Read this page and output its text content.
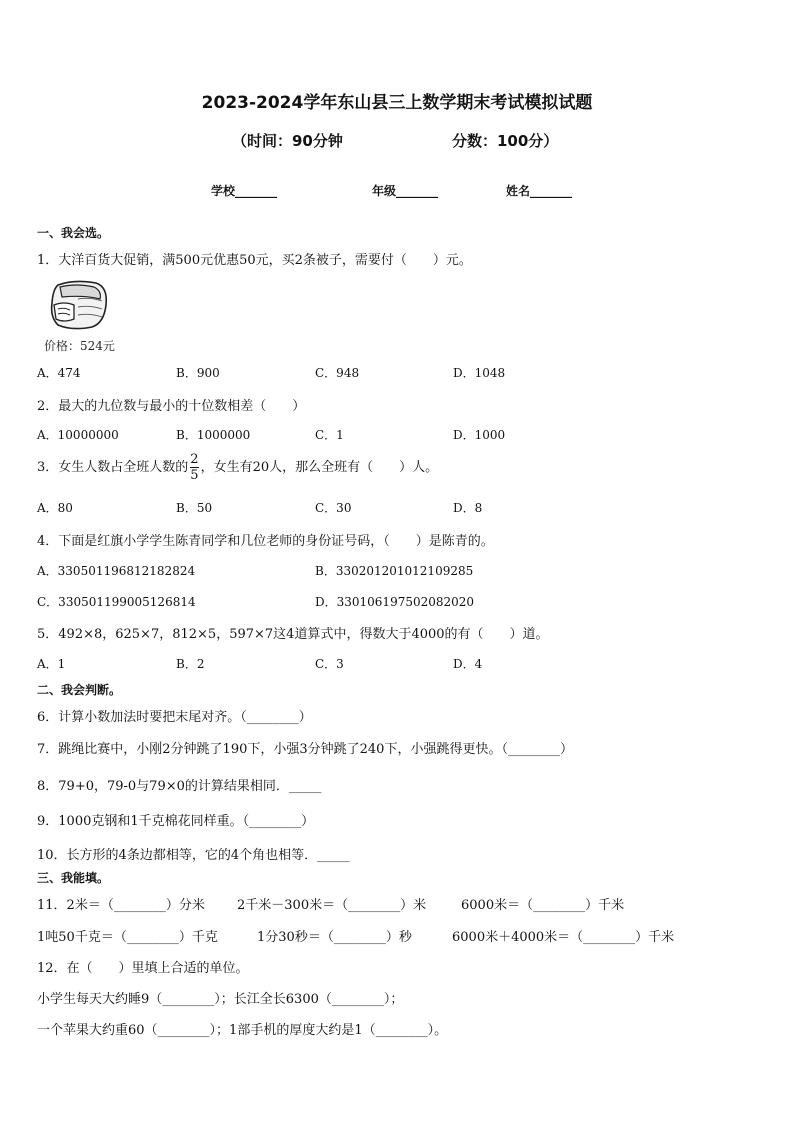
2023-2024学年东山县三上数学期末考试模拟试题
（时间：90分钟	分数：100分）
学校_______	年级_______	姓名_______
一、我会选。
1．大洋百货大促销，满500元优惠50元，买2条被子，需要付（　　）元。
价格：524元
A．474	B．900	C．948	D．1048
2．最大的九位数与最小的十位数相差（　　）
A．10000000	B．1000000	C．1	D．1000
3．女生人数占全班人数的 $\frac{2}{5}$ ，女生有20人，那么全班有（　　）人。
A．80	B．50	C．30	D．8
4．下面是红旗小学学生陈青同学和几位老师的身份证号码，（　　）是陈青的。
A．330501196812182824	B．330201201012109285
C．330501199005126814	D．330106197502082020
5．492×8，625×7，812×5，597×7这4道算式中，得数大于4000的有（　　）道。
A．1	B．2	C．3	D．4
二、我会判断。
6．计算小数加法时要把末尾对齐。（________）
7．跳绳比赛中，小刚2分钟跳了190下，小强3分钟跳了240下，小强跳得更快。（________）
8．79+0，79-0与79×0的计算结果相同．_____
9．1000克钢和1千克棉花同样重。（________）
10．长方形的4条边都相等，它的4个角也相等．_____
三、我能填。
11．2米＝（________）分米 2千米－300米＝（________）米	6000米＝（________）千米
1吨50千克＝（________）千克	1分30秒＝（________）秒	6000米＋4000米＝（________）千米
12．在（　　）里填上合适的单位。
小学生每天大约睡9（________）；长江全长6300（________）；
一个苹果大约重60（________）；1部手机的厚度大约是1（________）。
